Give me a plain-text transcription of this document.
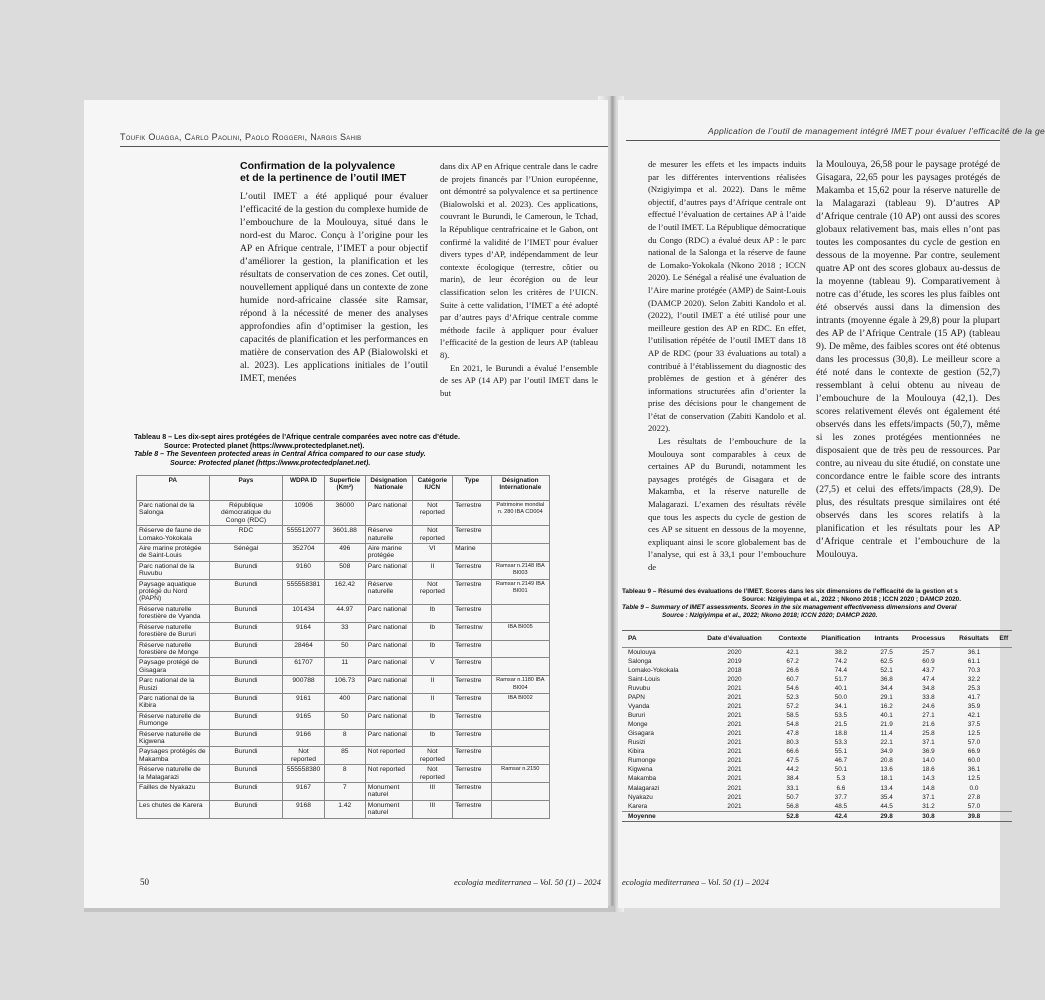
Toufik Ouagga, Carlo Paolini, Paolo Roggeri, Nargis Sahib
Confirmation de la polyvalence
et de la pertinence de l’outil IMET

L’outil IMET a été appliqué pour évaluer l’efficacité de la gestion du complexe humide de l’embouchure de la Moulouya, situé dans le nord-est du Maroc. Conçu à l’origine pour les AP en Afrique centrale, l’IMET a pour objectif d’améliorer la gestion, la planification et les résultats de conservation de ces zones. Cet outil, nouvellement appliqué dans un contexte de zone humide nord-africaine classée site Ramsar, répond à la nécessité de mener des analyses approfondies afin d’optimiser la gestion, les capacités de planification et les performances en matière de conservation des AP (Bialowolski et al. 2023). Les applications initiales de l’outil IMET, menées

dans dix AP en Afrique centrale dans le cadre de projets financés par l’Union européenne, ont démontré sa polyvalence et sa pertinence (Bialowolski et al. 2023). Ces applications, couvrant le Burundi, le Cameroun, le Tchad, la République centrafricaine et le Gabon, ont confirmé la validité de l’IMET pour évaluer divers types d’AP, indépendamment de leur contexte écologique (terrestre, côtier ou marin), de leur écorégion ou de leur classification selon les critères de l’UICN. Suite à cette validation, l’IMET a été adopté par d’autres pays d’Afrique centrale comme méthode facile à appliquer pour évaluer l’efficacité de la gestion de leurs AP (tableau 8).

En 2021, le Burundi a évalué l’ensemble de ses AP (14 AP) par l’outil IMET dans le but

Tableau 8 – Les dix-sept aires protégées de l’Afrique centrale comparées avec notre cas d’étude.
Source: Protected planet (https://www.protectedplanet.net).
Table 8 – The Seventeen protected areas in Central Africa compared to our case study.
Source: Protected planet (https://www.protectedplanet.net).
PA	Pays	WDPA ID	Superficie (Km²)	Désignation Nationale	Catégorie IUCN	Type	Désignation Internationale
Parc national de la Salonga	République démocratique du Congo (RDC)	10906	36000	Parc national	Not reported	Terrestre	Patrimoine mondial n. 280 IBA CD004
Réserve de faune de Lomako-Yokokala	RDC	555512077	3601.88	Réserve naturelle	Not reported	Terrestre	
Aire marine protégée de Saint-Louis	Sénégal	352704	496	Aire marine protégée	VI	Marine	
Parc national de la Ruvubu	Burundi	9160	508	Parc national	II	Terrestre	Ramsar n.2148 IBA BI003
Paysage aquatique protégé du Nord (PAPN)	Burundi	555558381	162.42	Réserve naturelle	Not reported	Terrestre	Ramsar n.2149 IBA BI001
Réserve naturelle forestière de Vyanda	Burundi	101434	44.97	Parc national	Ib	Terrestre	
Réserve naturelle forestière de Bururi	Burundi	9164	33	Parc national	Ib	Terrestrw	IBA BI005
Réserve naturelle forestière de Monge	Burundi	28464	50	Parc national	Ib	Terrestre	
Paysage protégé de Gisagara	Burundi	61707	11	Parc national	V	Terrestre	
Parc national de la Rusizi	Burundi	900788	106.73	Parc national	II	Terrestre	Ramsar n.1180 IBA BI004
Parc national de la Kibira	Burundi	9161	400	Parc national	II	Terrestre	IBA BI002
Réserve naturelle de Rumonge	Burundi	9165	50	Parc national	Ib	Terrestre	
Réserve naturelle de Kigwena	Burundi	9166	8	Parc national	Ib	Terrestre	
Paysages protégés de Makamba	Burundi	Not reported	85	Not reported	Not reported	Terrestre	
Réserve naturelle de la Malagarazi	Burundi	555558380	8	Not reported	Not reported	Terrestre	Ramsar n.2150
Failles de Nyakazu	Burundi	9167	7	Monument naturel	III	Terrestre	
Les chutes de Karera	Burundi	9168	1.42	Monument naturel	III	Terrestre	
50	ecologia mediterranea – Vol. 50 (1) – 2024
Application de l’outil de management intégré IMET pour évaluer l’efficacité de la ge

de mesurer les effets et les impacts induits par les différentes interventions réalisées (Nzigiyimpa et al. 2022). Dans le même objectif, d’autres pays d’Afrique centrale ont effectué l’évaluation de certaines AP à l’aide de l’outil IMET. La République démocratique du Congo (RDC) a évalué deux AP : le parc national de la Salonga et la réserve de faune de Lomako-Yokokala (Nkono 2018 ; ICCN 2020). Le Sénégal a réalisé une évaluation de l’Aire marine protégée (AMP) de Saint-Louis (DAMCP 2020). Selon Zabiti Kandolo et al. (2022), l’outil IMET a été utilisé pour une meilleure gestion des AP en RDC. En effet, l’utilisation répétée de l’outil IMET dans 18 AP de RDC (pour 33 évaluations au total) a contribué à l’établissement du diagnostic des problèmes de gestion et à générer des informations structurées afin d’orienter la prise des décisions pour le changement de l’état de conservation (Zabiti Kandolo et al. 2022).

Les résultats de l’embouchure de la Moulouya sont comparables à ceux de certaines AP du Burundi, notamment les paysages protégés de Gisagara et de Makamba, et la réserve naturelle de Malagarazi. L’examen des résultats révèle que tous les aspects du cycle de gestion de ces AP se situent en dessous de la moyenne, expliquant ainsi le score globalement bas de l’analyse, qui est à 33,1 pour l’embouchure de

la Moulouya, 26,58 pour le paysage protégé de Gisagara, 22,65 pour les paysages protégés de Makamba et 15,62 pour la réserve naturelle de la Malagarazi (tableau 9). D’autres AP d’Afrique centrale (10 AP) ont aussi des scores globaux relativement bas, mais elles n’ont pas toutes les composantes du cycle de gestion en dessous de la moyenne. Par contre, seulement quatre AP ont des scores globaux au-dessus de la moyenne (tableau 9). Comparativement à notre cas d’étude, les scores les plus faibles ont été observés aussi dans la dimension des intrants (moyenne égale à 29,8) pour la plupart des AP de l’Afrique Centrale (15 AP) (tableau 9). De même, des faibles scores ont été obtenus dans les processus (30,8). Le meilleur score a été noté dans le contexte de gestion (52,7) ressemblant à celui obtenu au niveau de l’embouchure de la Moulouya (42,1). Des scores relativement élevés ont également été observés dans les effets/impacts (50,7), même si les zones protégées mentionnées ne disposaient que de très peu de ressources. Par contre, au niveau du site étudié, on constate une concordance entre le faible score des intrants (27,5) et celui des effets/impacts (28,9). De plus, des résultats presque similaires ont été observés dans les scores relatifs à la planification et les résultats pour les AP d’Afrique centrale et l’embouchure de la Moulouya.

Tableau 9 – Résumé des évaluations de l’IMET. Scores dans les six dimensions de l’efficacité de la gestion et s
Source: Nzigiyimpa et al., 2022 ; Nkono 2018 ; ICCN 2020 ; DAMCP 2020.
Table 9 – Summary of IMET assessments. Scores in the six management effectiveness dimensions and Overal
Source : Nzigiyimpa et al., 2022; Nkono 2018; ICCN 2020; DAMCP 2020.
PA	Date d’évaluation	Contexte	Planification	Intrants	Processus	Résultats	Eff
Moulouya	2020	42.1	38.2	27.5	25.7	36.1	
Salonga	2019	67.2	74.2	62.5	60.9	61.1	
Lomako-Yokokala	2018	26.6	74.4	52.1	43.7	70.3	
Saint-Louis	2020	60.7	51.7	36.8	47.4	32.2	
Ruvubu	2021	54.6	40.1	34.4	34.8	25.3	
PAPN	2021	52.3	50.0	29.1	33.8	41.7	
Vyanda	2021	57.2	34.1	16.2	24.6	35.9	
Bururi	2021	58.5	53.5	40.1	27.1	42.1	
Monge	2021	54.8	21.5	21.9	21.6	37.5	
Gisagara	2021	47.8	18.8	11.4	25.8	12.5	
Rusizi	2021	80.3	53.3	22.1	37.1	57.0	
Kibira	2021	66.6	55.1	34.9	36.9	66.9	
Rumonge	2021	47.5	46.7	20.8	14.0	60.0	
Kigwena	2021	44.2	50.1	13.6	18.6	36.1	
Makamba	2021	38.4	5.3	18.1	14.3	12.5	
Malagarazi	2021	33.1	6.6	13.4	14.8	0.0	
Nyakazu	2021	50.7	37.7	35.4	37.1	27.8	
Karera	2021	56.8	48.5	44.5	31.2	57.0	
Moyenne		52.8	42.4	29.8	30.8	39.8	
ecologia mediterranea – Vol. 50 (1) – 2024
